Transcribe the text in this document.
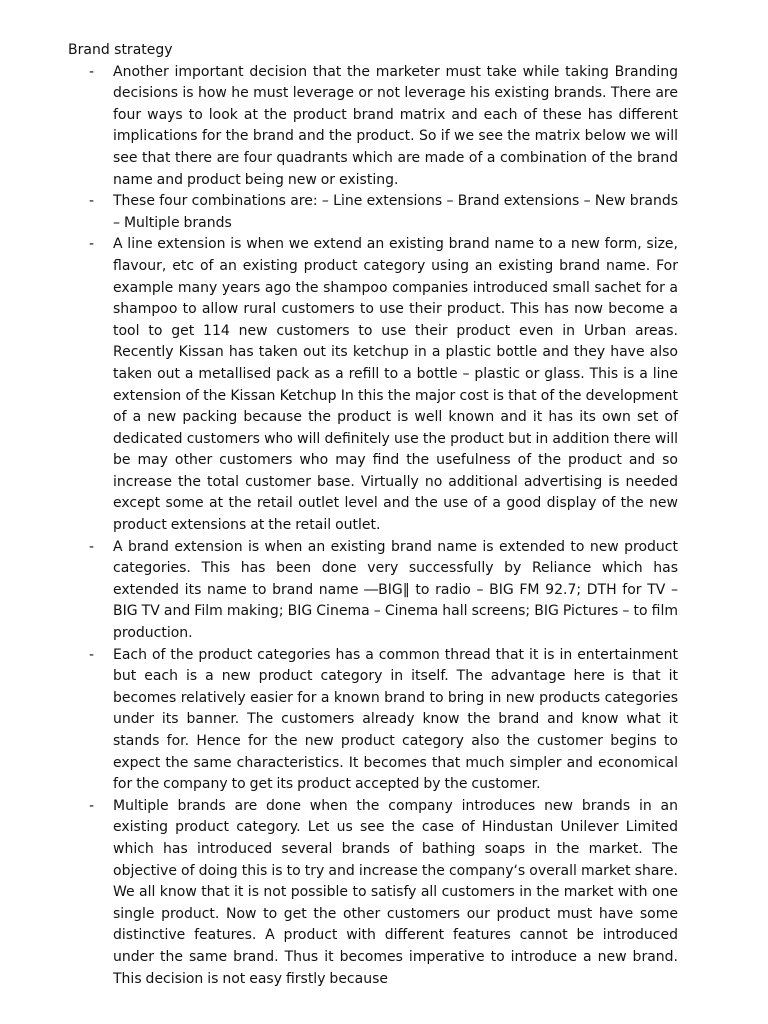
Brand strategy

- Another important decision that the marketer must take while taking Branding decisions is how he must leverage or not leverage his existing brands. There are four ways to look at the product brand matrix and each of these has different implications for the brand and the product. So if we see the matrix below we will see that there are four quadrants which are made of a combination of the brand name and product being new or existing.
- These four combinations are: – Line extensions – Brand extensions – New brands – Multiple brands
- A line extension is when we extend an existing brand name to a new form, size, flavour, etc of an existing product category using an existing brand name. For example many years ago the shampoo companies introduced small sachet for a shampoo to allow rural customers to use their product. This has now become a tool to get 114 new customers to use their product even in Urban areas. Recently Kissan has taken out its ketchup in a plastic bottle and they have also taken out a metallised pack as a refill to a bottle – plastic or glass. This is a line extension of the Kissan Ketchup In this the major cost is that of the development of a new packing because the product is well known and it has its own set of dedicated customers who will definitely use the product but in addition there will be may other customers who may find the usefulness of the product and so increase the total customer base. Virtually no additional advertising is needed except some at the retail outlet level and the use of a good display of the new product extensions at the retail outlet.
- A brand extension is when an existing brand name is extended to new product categories. This has been done very successfully by Reliance which has extended its name to brand name ―BIG‖ to radio – BIG FM 92.7; DTH for TV – BIG TV and Film making; BIG Cinema – Cinema hall screens; BIG Pictures – to film production.
- Each of the product categories has a common thread that it is in entertainment but each is a new product category in itself. The advantage here is that it becomes relatively easier for a known brand to bring in new products categories under its banner. The customers already know the brand and know what it stands for. Hence for the new product category also the customer begins to expect the same characteristics. It becomes that much simpler and economical for the company to get its product accepted by the customer.
- Multiple brands are done when the company introduces new brands in an existing product category. Let us see the case of Hindustan Unilever Limited which has introduced several brands of bathing soaps in the market. The objective of doing this is to try and increase the company‘s overall market share. We all know that it is not possible to satisfy all customers in the market with one single product. Now to get the other customers our product must have some distinctive features. A product with different features cannot be introduced under the same brand. Thus it becomes imperative to introduce a new brand. This decision is not easy firstly because
